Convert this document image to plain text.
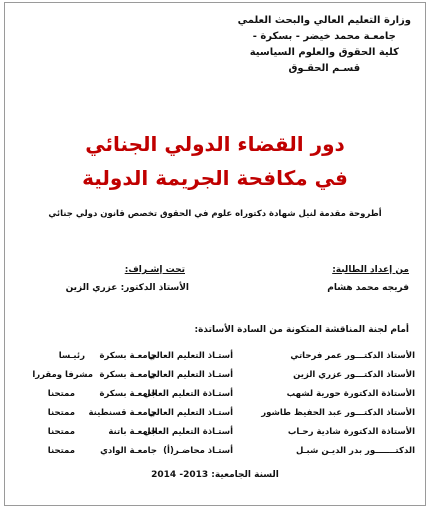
وزارة التعليم العالي والبحث العلمي
جامعـة محمد خيضر - بسكرة -
كلية الحقوق والعلوم السياسية
قسـم الحقـوق
دور القضاء الدولي الجنائي
في مكافحة الجريمة الدولية
أطروحة مقدمة لنيل شهادة دكتوراه علوم في الحقوق تخصص قانون دولي جنائي
من إعداد الطالبة:
فريجه محمد هشام
تحت إشـراف:
الأستاذ الدكتور: عزري الزين
أمام لجنة المناقشة المتكونة من السادة الأساتذة:
الأستاذ الدكتـــور عمر فرحاتي
أستـاذ التعليم العالي
جامعـة بسكرة
رئيـسا
الأستاذ الدكتـــور عزري الزين
أستـاذ التعليم العالي
جامعـة بسكرة
مشرفا ومقررا
الأستاذة الدكتورة حورية لشهب
أستـاذة التعليم العالي
جامعـة بسكرة
ممتحنا
الأستاذ الدكتـــور عبد الحفيظ طاشور
أستـاذ التعليم العالي
جامعـة قسنطينة
ممتحنا
الأستاذة الدكتورة شادية رحـاب
أستـاذة التعليم العالي
جامعـة باتنة
ممتحنا
الدكتـــــــور بدر الديـن شبـل
أستـاذ محاضـر(أ)
جامعـة الوادي
ممتحنا
السنة الجامعية: 2013- 2014
